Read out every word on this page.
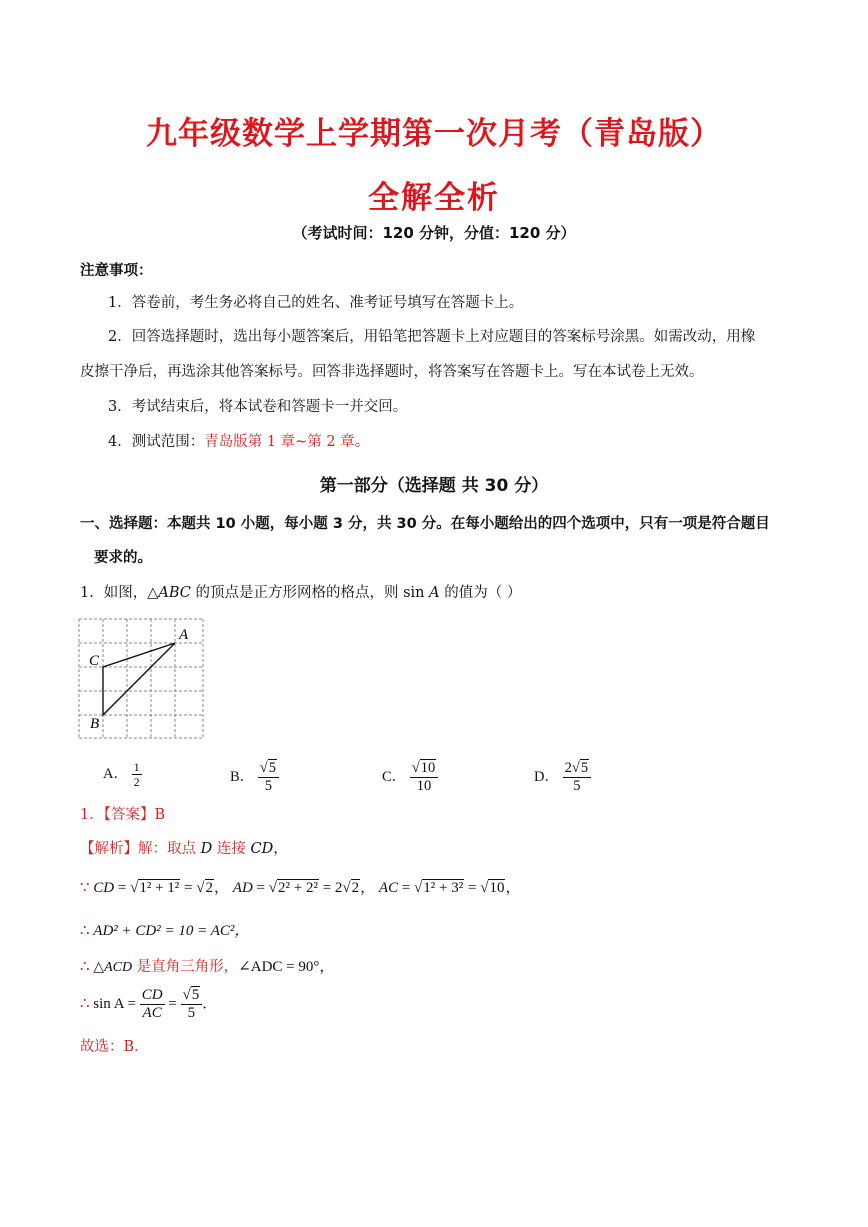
九年级数学上学期第一次月考（青岛版）
全解全析
（考试时间：120 分钟，分值：120 分）
注意事项：
1．答卷前，考生务必将自己的姓名、准考证号填写在答题卡上。
2．回答选择题时，选出每小题答案后，用铅笔把答题卡上对应题目的答案标号涂黑。如需改动，用橡
皮擦干净后，再选涂其他答案标号。回答非选择题时，将答案写在答题卡上。写在本试卷上无效。
3．考试结束后，将本试卷和答题卡一并交回。
4．测试范围：青岛版第 1 章~第 2 章。
第一部分（选择题 共 30 分）
一、选择题：本题共 10 小题，每小题 3 分，共 30 分。在每小题给出的四个选项中，只有一项是符合题目
要求的。
1．如图，△ABC 的顶点是正方形网格的格点，则 sin A 的值为（ ）
A
C
B
A． $\frac{1}{2}$	B． $\frac{√5}{5}$	C． $\frac{√10}{10}$	D． $\frac{2√5}{5}$
1．【答案】B
【解析】解：取点 D 连接 CD，
∵ CD = √1² + 1² = √2， AD = √2² + 2² = 2√2， AC = √1² + 3² = √10，
∴ AD² + CD² = 10 = AC²，
∴ △ACD 是直角三角形，∠ADC = 90°，
∴ $\sin A = \frac{CD}{AC} = \frac{√5}{5}$ ．
故选：B．
